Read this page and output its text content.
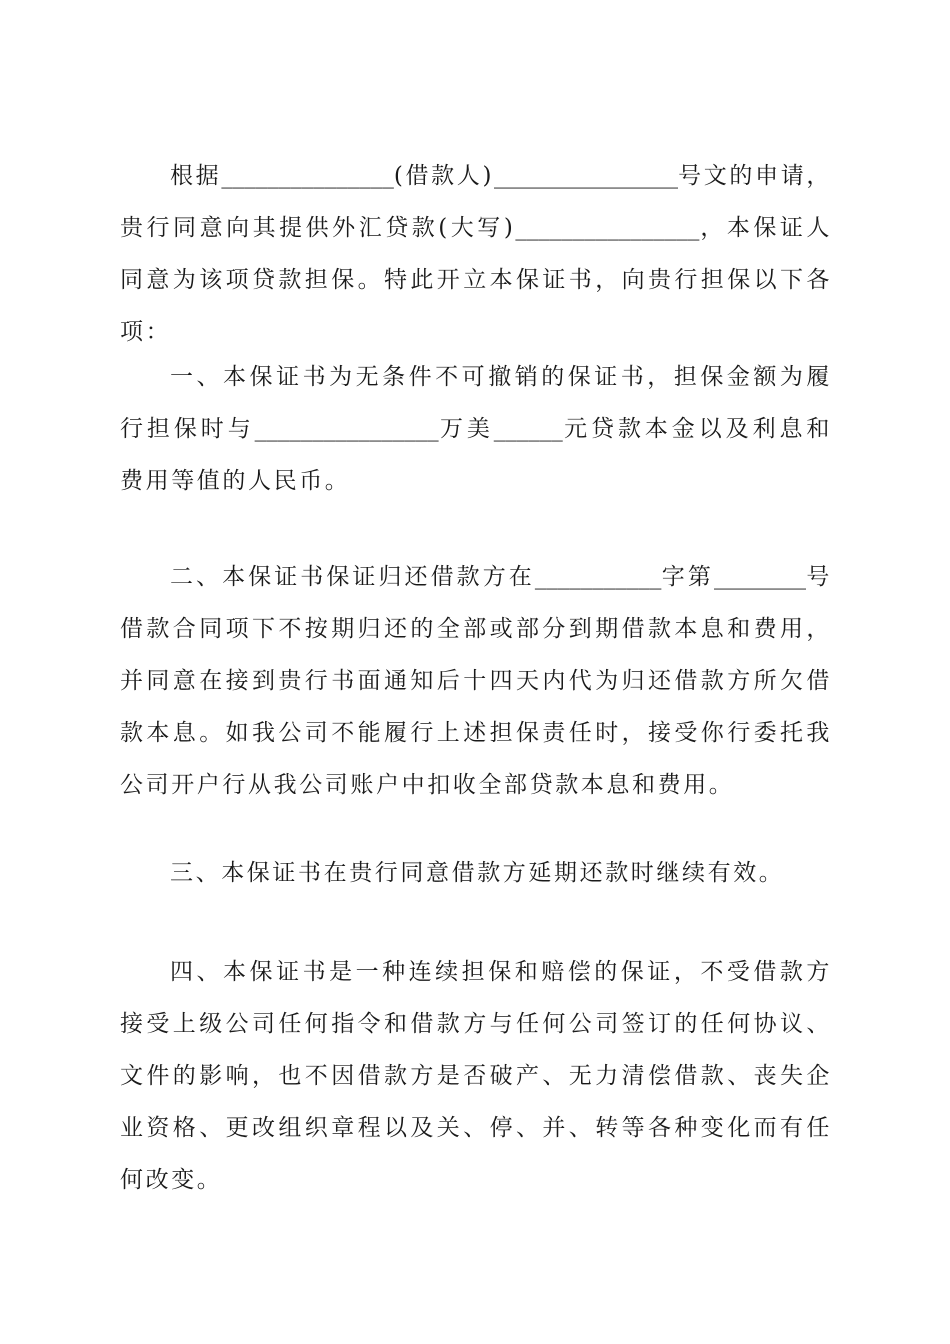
根据_______________(借款人)________________号文的申请，贵行同意向其提供外汇贷款(大写)________________，本保证人同意为该项贷款担保。特此开立本保证书，向贵行担保以下各项：

一、本保证书为无条件不可撤销的保证书，担保金额为履行担保时与________________万美______元贷款本金以及利息和费用等值的人民币。

二、本保证书保证归还借款方在___________字第________号借款合同项下不按期归还的全部或部分到期借款本息和费用，并同意在接到贵行书面通知后十四天内代为归还借款方所欠借款本息。如我公司不能履行上述担保责任时，接受你行委托我公司开户行从我公司账户中扣收全部贷款本息和费用。

三、本保证书在贵行同意借款方延期还款时继续有效。

四、本保证书是一种连续担保和赔偿的保证，不受借款方接受上级公司任何指令和借款方与任何公司签订的任何协议、文件的影响，也不因借款方是否破产、无力清偿借款、丧失企业资格、更改组织章程以及关、停、并、转等各种变化而有任何改变。
